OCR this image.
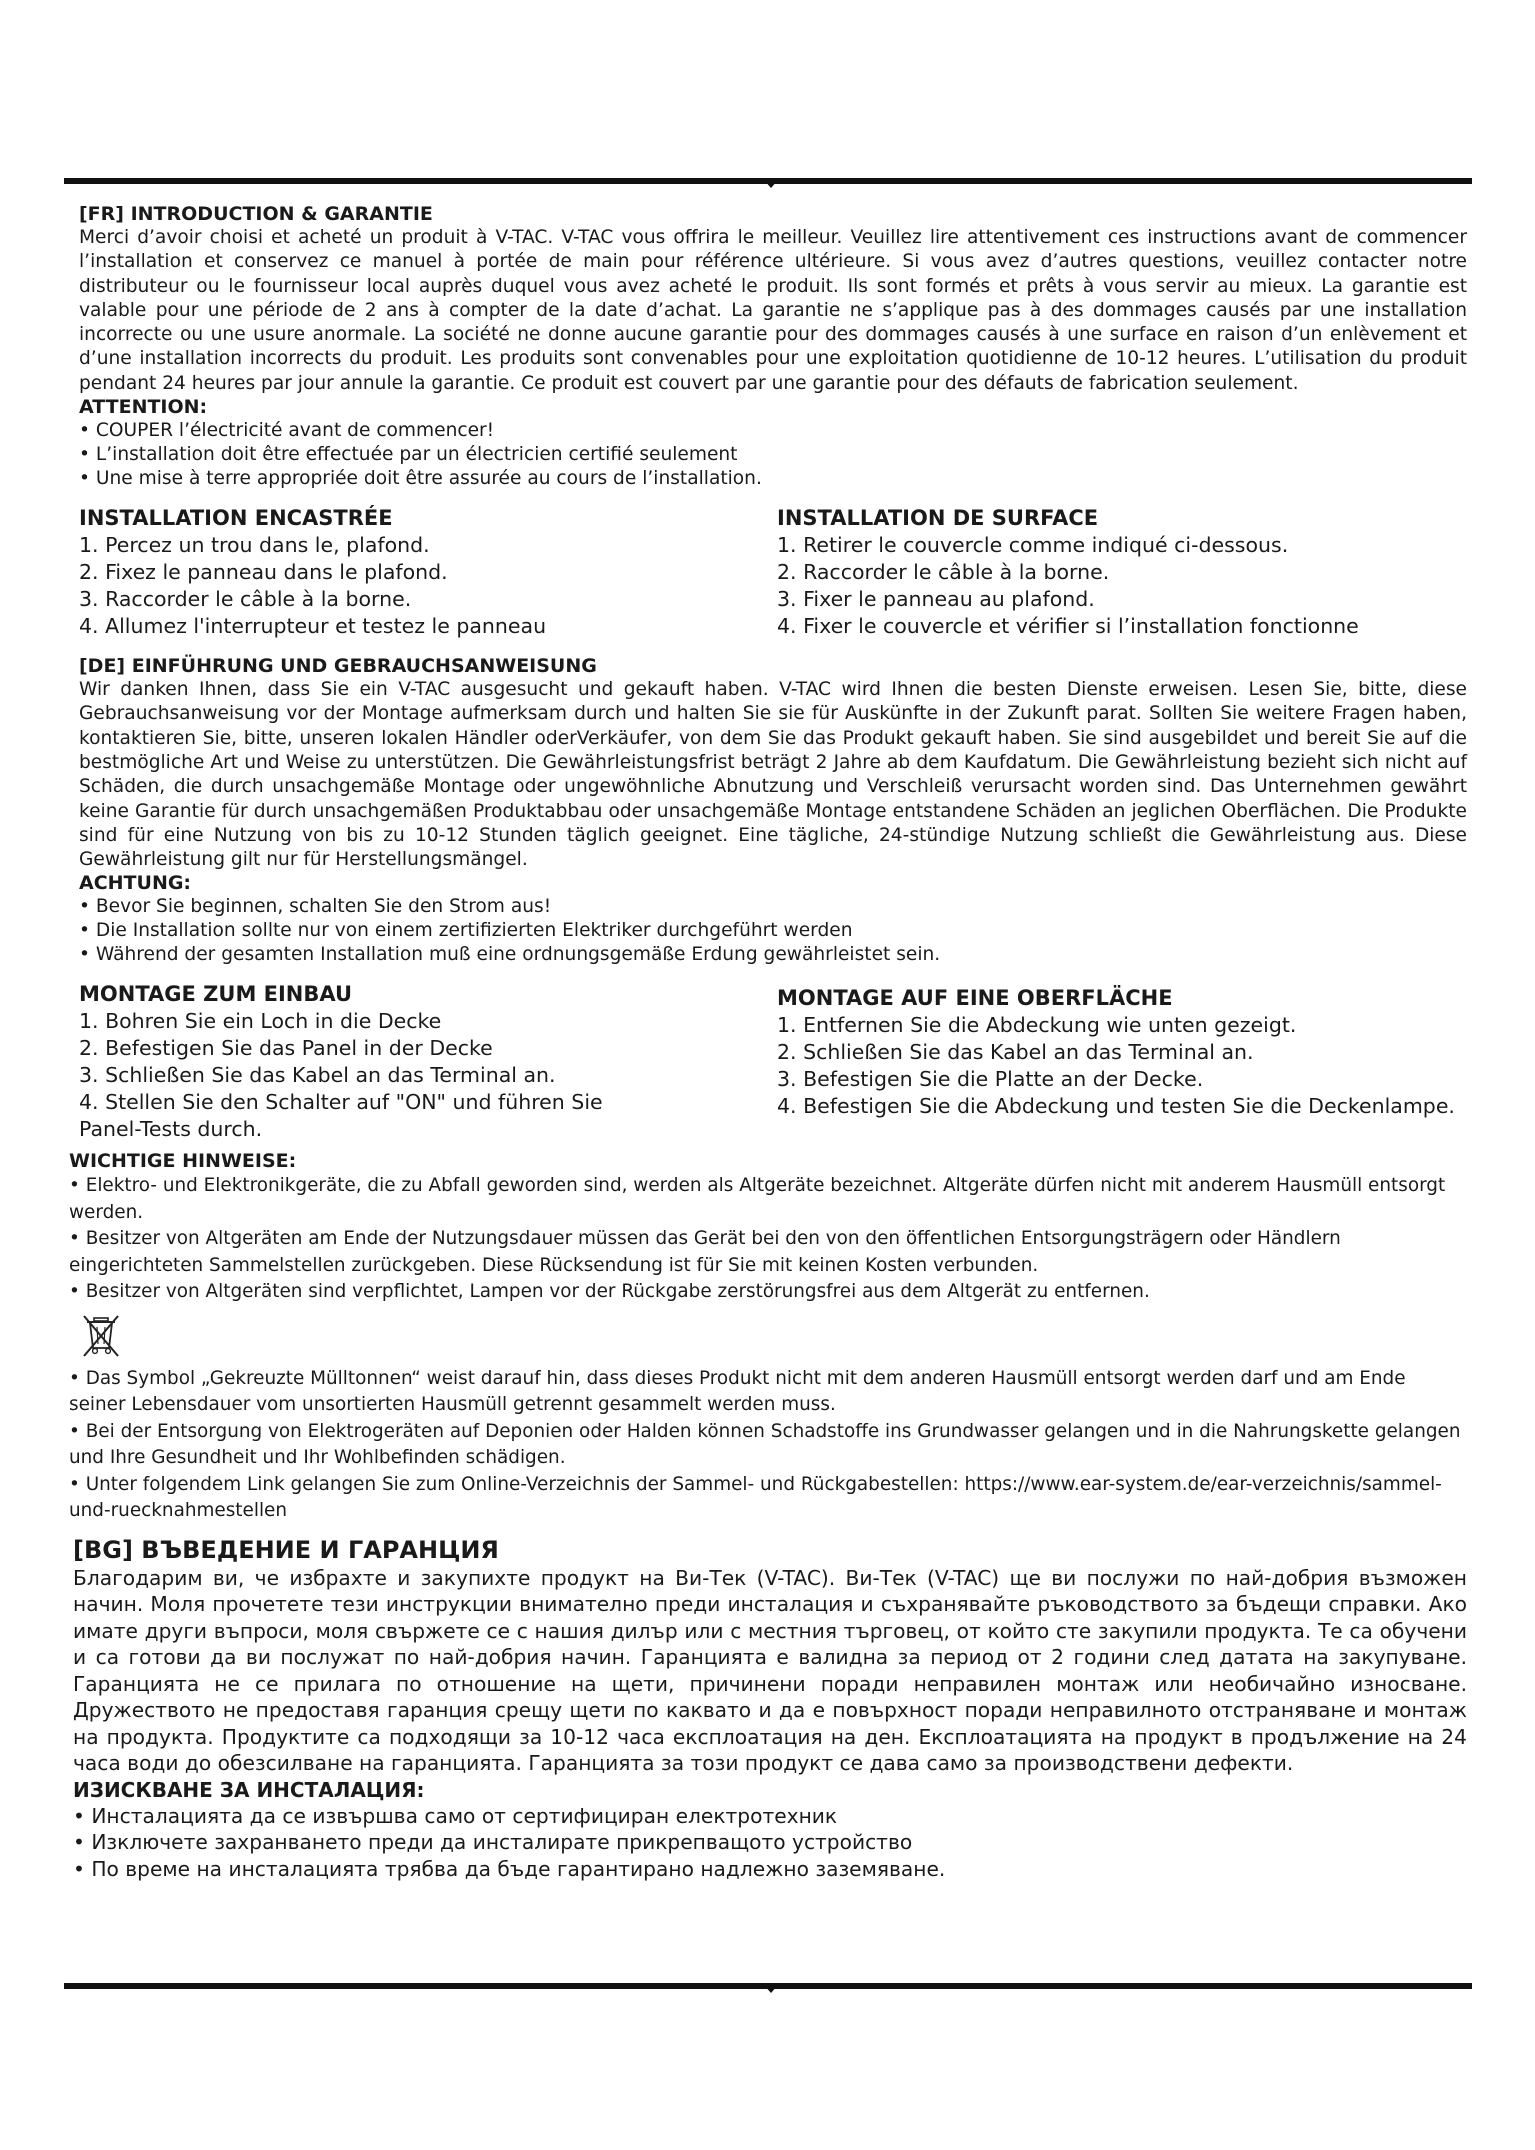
[FR] INTRODUCTION & GARANTIE

Merci d’avoir choisi et acheté un produit à V-TAC. V-TAC vous offrira le meilleur. Veuillez lire attentivement ces instructions avant de commencer l’installation et conservez ce manuel à portée de main pour référence ultérieure. Si vous avez d’autres questions, veuillez contacter notre distributeur ou le fournisseur local auprès duquel vous avez acheté le produit. Ils sont formés et prêts à vous servir au mieux. La garantie est valable pour une période de 2 ans à compter de la date d’achat. La garantie ne s’applique pas à des dommages causés par une installation incorrecte ou une usure anormale. La société ne donne aucune garantie pour des dommages causés à une surface en raison d’un enlèvement et d’une installation incorrects du produit. Les produits sont convenables pour une exploitation quotidienne de 10-12 heures. L’utilisation du produit pendant 24 heures par jour annule la garantie. Ce produit est couvert par une garantie pour des défauts de fabrication seulement.

ATTENTION:

• COUPER l’électricité avant de commencer!
• L’installation doit être effectuée par un électricien certifié seulement
• Une mise à terre appropriée doit être assurée au cours de l’installation.

INSTALLATION ENCASTRÉE

1. Percez un trou dans le, plafond.
2. Fixez le panneau dans le plafond.
3. Raccorder le câble à la borne.
4. Allumez l'interrupteur et testez le panneau

INSTALLATION DE SURFACE

1. Retirer le couvercle comme indiqué ci-dessous.
2. Raccorder le câble à la borne.
3. Fixer le panneau au plafond.
4. Fixer le couvercle et vérifier si l’installation fonctionne

[DE] EINFÜHRUNG UND GEBRAUCHSANWEISUNG

Wir danken Ihnen, dass Sie ein V-TAC ausgesucht und gekauft haben. V-TAC wird Ihnen die besten Dienste erweisen. Lesen Sie, bitte, diese Gebrauchsanweisung vor der Montage aufmerksam durch und halten Sie sie für Auskünfte in der Zukunft parat. Sollten Sie weitere Fragen haben, kontaktieren Sie, bitte, unseren lokalen Händler oderVerkäufer, von dem Sie das Produkt gekauft haben. Sie sind ausgebildet und bereit Sie auf die bestmögliche Art und Weise zu unterstützen. Die Gewährleistungsfrist beträgt 2 Jahre ab dem Kaufdatum. Die Gewährleistung bezieht sich nicht auf Schäden, die durch unsachgemäße Montage oder ungewöhnliche Abnutzung und Verschleiß verursacht worden sind. Das Unternehmen gewährt keine Garantie für durch unsachgemäßen Produktabbau oder unsachgemäße Montage entstandene Schäden an jeglichen Oberflächen. Die Produkte sind für eine Nutzung von bis zu 10-12 Stunden täglich geeignet. Eine tägliche, 24-stündige Nutzung schließt die Gewährleistung aus. Diese Gewährleistung gilt nur für Herstellungsmängel.

ACHTUNG:

• Bevor Sie beginnen, schalten Sie den Strom aus!
• Die Installation sollte nur von einem zertifizierten Elektriker durchgeführt werden
• Während der gesamten Installation muß eine ordnungsgemäße Erdung gewährleistet sein.

MONTAGE ZUM EINBAU

1. Bohren Sie ein Loch in die Decke
2. Befestigen Sie das Panel in der Decke
3. Schließen Sie das Kabel an das Terminal an.
4. Stellen Sie den Schalter auf "ON" und führen Sie Panel-Tests durch.

MONTAGE AUF EINE OBERFLÄCHE

1. Entfernen Sie die Abdeckung wie unten gezeigt.
2. Schließen Sie das Kabel an das Terminal an.
3. Befestigen Sie die Platte an der Decke.
4. Befestigen Sie die Abdeckung und testen Sie die Deckenlampe.

WICHTIGE HINWEISE:

• Elektro- und Elektronikgeräte, die zu Abfall geworden sind, werden als Altgeräte bezeichnet. Altgeräte dürfen nicht mit anderem Hausmüll entsorgt werden.

• Besitzer von Altgeräten am Ende der Nutzungsdauer müssen das Gerät bei den von den öffentlichen Entsorgungsträgern oder Händlern eingerichteten Sammelstellen zurückgeben. Diese Rücksendung ist für Sie mit keinen Kosten verbunden.

• Besitzer von Altgeräten sind verpflichtet, Lampen vor der Rückgabe zerstörungsfrei aus dem Altgerät zu entfernen.

• Das Symbol „Gekreuzte Mülltonnen“ weist darauf hin, dass dieses Produkt nicht mit dem anderen Hausmüll entsorgt werden darf und am Ende seiner Lebensdauer vom unsortierten Hausmüll getrennt gesammelt werden muss.

• Bei der Entsorgung von Elektrogeräten auf Deponien oder Halden können Schadstoffe ins Grundwasser gelangen und in die Nahrungskette gelangen und Ihre Gesundheit und Ihr Wohlbefinden schädigen.

• Unter folgendem Link gelangen Sie zum Online-Verzeichnis der Sammel- und Rückgabestellen: https://www.ear-system.de/ear-verzeichnis/sammel-und-ruecknahmestellen

[BG] ВЪВЕДЕНИЕ И ГАРАНЦИЯ

Благодарим ви, че избрахте и закупихте продукт на Ви-Тек (V-TAC). Ви-Тек (V-TAC) ще ви послужи по най-добрия възможен начин. Моля прочетете тези инструкции внимателно преди инсталация и съхранявайте ръководството за бъдещи справки. Ако имате други въпроси, моля свържете се с нашия дилър или с местния търговец, от който сте закупили продукта. Те са обучени и са готови да ви послужат по най-добрия начин. Гаранцията е валидна за период от 2 години след датата на закупуване. Гаранцията не се прилага по отношение на щети, причинени поради неправилен монтаж или необичайно износване. Дружеството не предоставя гаранция срещу щети по каквато и да е повърхност поради неправилното отстраняване и монтаж на продукта. Продуктите са подходящи за 10-12 часа експлоатация на ден. Експлоатацията на продукт в продължение на 24 часа води до обезсилване на гаранцията. Гаранцията за този продукт се дава само за производствени дефекти.

ИЗИСКВАНЕ ЗА ИНСТАЛАЦИЯ:

• Инсталацията да се извършва само от сертифициран електротехник
• Изключете захранването преди да инсталирате прикрепващото устройство
• По време на инсталацията трябва да бъде гарантирано надлежно заземяване.
